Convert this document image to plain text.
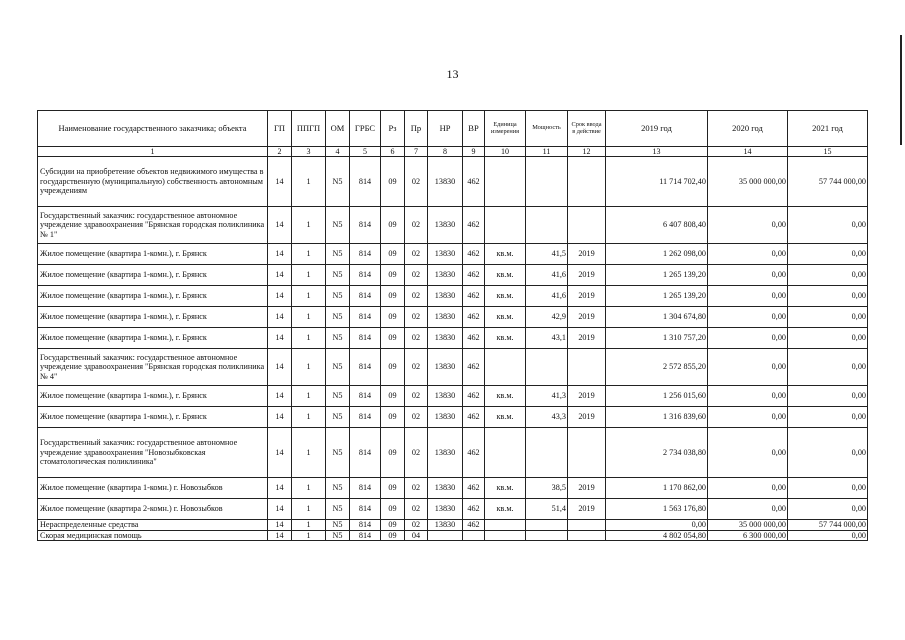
13
Наименование государственного заказчика; объекта	ГП	ППГП	ОМ	ГРБС	Рз	Пр	НР	ВР	Единица измерения	Мощность	Срок ввода в действие	2019 год	2020 год	2021 год
1	2	3	4	5	6	7	8	9	10	11	12	13	14	15
Субсидии на приобретение объектов недвижимого имущества в государственную (муниципальную) собственность автономным учреждениям	14	1	N5	814	09	02	13830	462				11 714 702,40	35 000 000,00	57 744 000,00
Государственный заказчик: государственное автономное учреждение здравоохранения "Брянская городская поликлиника № 1"	14	1	N5	814	09	02	13830	462				6 407 808,40	0,00	0,00
Жилое помещение (квартира 1-комн.), г. Брянск	14	1	N5	814	09	02	13830	462	кв.м.	41,5	2019	1 262 098,00	0,00	0,00
Жилое помещение (квартира 1-комн.), г. Брянск	14	1	N5	814	09	02	13830	462	кв.м.	41,6	2019	1 265 139,20	0,00	0,00
Жилое помещение (квартира 1-комн.), г. Брянск	14	1	N5	814	09	02	13830	462	кв.м.	41,6	2019	1 265 139,20	0,00	0,00
Жилое помещение (квартира 1-комн.), г. Брянск	14	1	N5	814	09	02	13830	462	кв.м.	42,9	2019	1 304 674,80	0,00	0,00
Жилое помещение (квартира 1-комн.), г. Брянск	14	1	N5	814	09	02	13830	462	кв.м.	43,1	2019	1 310 757,20	0,00	0,00
Государственный заказчик: государственное автономное учреждение здравоохранения "Брянская городская поликлиника № 4"	14	1	N5	814	09	02	13830	462				2 572 855,20	0,00	0,00
Жилое помещение (квартира 1-комн.), г. Брянск	14	1	N5	814	09	02	13830	462	кв.м.	41,3	2019	1 256 015,60	0,00	0,00
Жилое помещение (квартира 1-комн.), г. Брянск	14	1	N5	814	09	02	13830	462	кв.м.	43,3	2019	1 316 839,60	0,00	0,00
Государственный заказчик: государственное автономное учреждение здравоохранения "Новозыбковская стоматологическая поликлиника"	14	1	N5	814	09	02	13830	462				2 734 038,80	0,00	0,00
Жилое помещение (квартира 1-комн.) г. Новозыбков	14	1	N5	814	09	02	13830	462	кв.м.	38,5	2019	1 170 862,00	0,00	0,00
Жилое помещение (квартира 2-комн.) г. Новозыбков	14	1	N5	814	09	02	13830	462	кв.м.	51,4	2019	1 563 176,80	0,00	0,00
Нераспределенные средства	14	1	N5	814	09	02	13830	462				0,00	35 000 000,00	57 744 000,00
Скорая медицинская помощь	14	1	N5	814	09	04						4 802 054,80	6 300 000,00	0,00
